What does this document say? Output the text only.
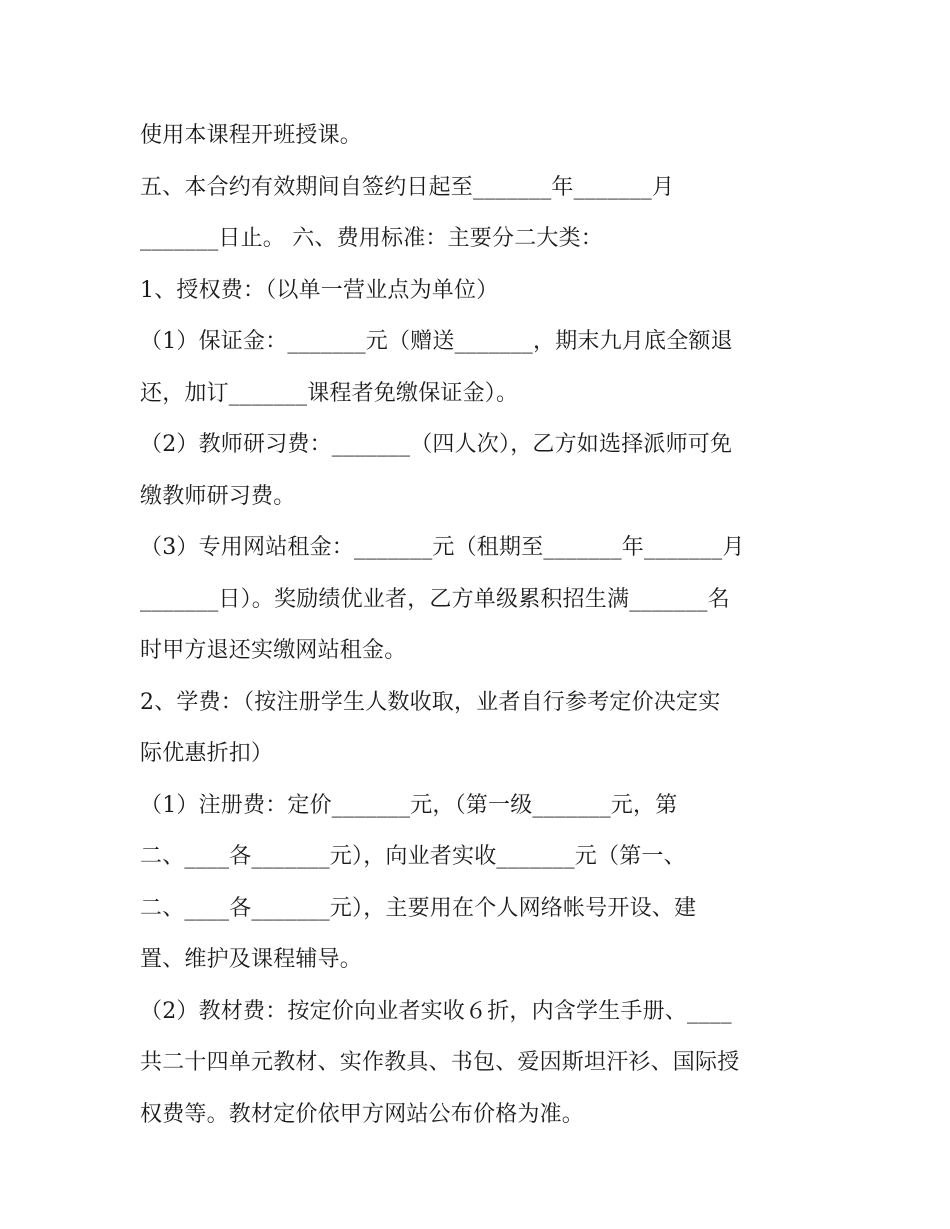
使用本课程开班授课。
五、本合约有效期间自签约日起至_______年_______月
_______日止。 六、费用标准：主要分二大类：
1、授权费：（以单一营业点为单位）
（1）保证金：_______元（赠送_______，期末九月底全额退
还，加订_______课程者免缴保证金）。
（2）教师研习费：_______（四人次），乙方如选择派师可免
缴教师研习费。
（3）专用网站租金：_______元（租期至_______年_______月
_______日）。奖励绩优业者，乙方单级累积招生满_______名
时甲方退还实缴网站租金。
2、学费：（按注册学生人数收取，业者自行参考定价决定实
际优惠折扣）
（1）注册费：定价_______元，（第一级_______元，第
二、____各_______元），向业者实收_______元（第一、
二、____各_______元），主要用在个人网络帐号开设、建
置、维护及课程辅导。
（2）教材费：按定价向业者实收６折，内含学生手册、____
共二十四单元教材、实作教具、书包、爱因斯坦汗衫、国际授
权费等。教材定价依甲方网站公布价格为准。
